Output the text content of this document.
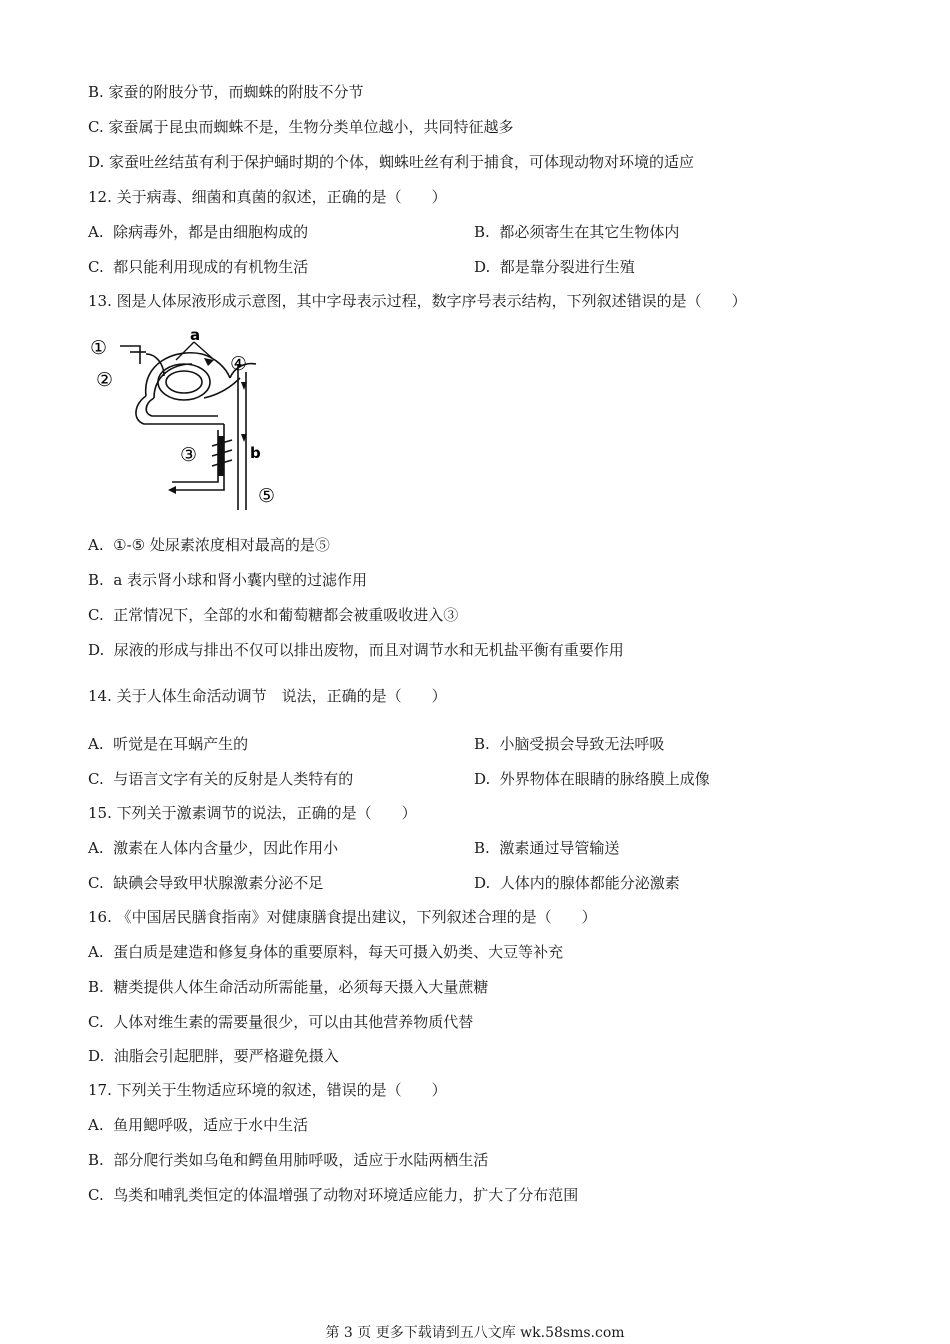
B. 家蚕的附肢分节，而蜘蛛的附肢不分节
C. 家蚕属于昆虫而蜘蛛不是，生物分类单位越小，共同特征越多
D. 家蚕吐丝结茧有利于保护蛹时期的个体，蜘蛛吐丝有利于捕食，可体现动物对环境的适应
12. 关于病毒、细菌和真菌的叙述，正确的是（　　）
A.  除病毒外，都是由细胞构成的	B.  都必须寄生在其它生物体内
C.  都只能利用现成的有机物生活	D.  都是靠分裂进行生殖
13. 图是人体尿液形成示意图，其中字母表示过程，数字序号表示结构，下列叙述错误的是（　　）
①
②
③
④
⑤
a
b
A.  ①-⑤ 处尿素浓度相对最高的是⑤
B.  a 表示肾小球和肾小囊内壁的过滤作用
C.  正常情况下，全部的水和葡萄糖都会被重吸收进入③
D.  尿液的形成与排出不仅可以排出废物，而且对调节水和无机盐平衡有重要作用
14. 关于人体生命活动调节　说法，正确的是（　　）
A.  听觉是在耳蜗产生的	B.  小脑受损会导致无法呼吸
C.  与语言文字有关的反射是人类特有的	D.  外界物体在眼睛的脉络膜上成像
15. 下列关于激素调节的说法，正确的是（　　）
A.  激素在人体内含量少，因此作用小	B.  激素通过导管输送
C.  缺碘会导致甲状腺激素分泌不足	D.  人体内的腺体都能分泌激素
16. 《中国居民膳食指南》对健康膳食提出建议，下列叙述合理的是（　　）
A.  蛋白质是建造和修复身体的重要原料，每天可摄入奶类、大豆等补充
B.  糖类提供人体生命活动所需能量，必须每天摄入大量蔗糖
C.  人体对维生素的需要量很少，可以由其他营养物质代替
D.  油脂会引起肥胖，要严格避免摄入
17. 下列关于生物适应环境的叙述，错误的是（　　）
A.  鱼用鳃呼吸，适应于水中生活
B.  部分爬行类如乌龟和鳄鱼用肺呼吸，适应于水陆两栖生活
C.  鸟类和哺乳类恒定的体温增强了动物对环境适应能力，扩大了分布范围
第 3 页 更多下载请到五八文库 wk.58sms.com
